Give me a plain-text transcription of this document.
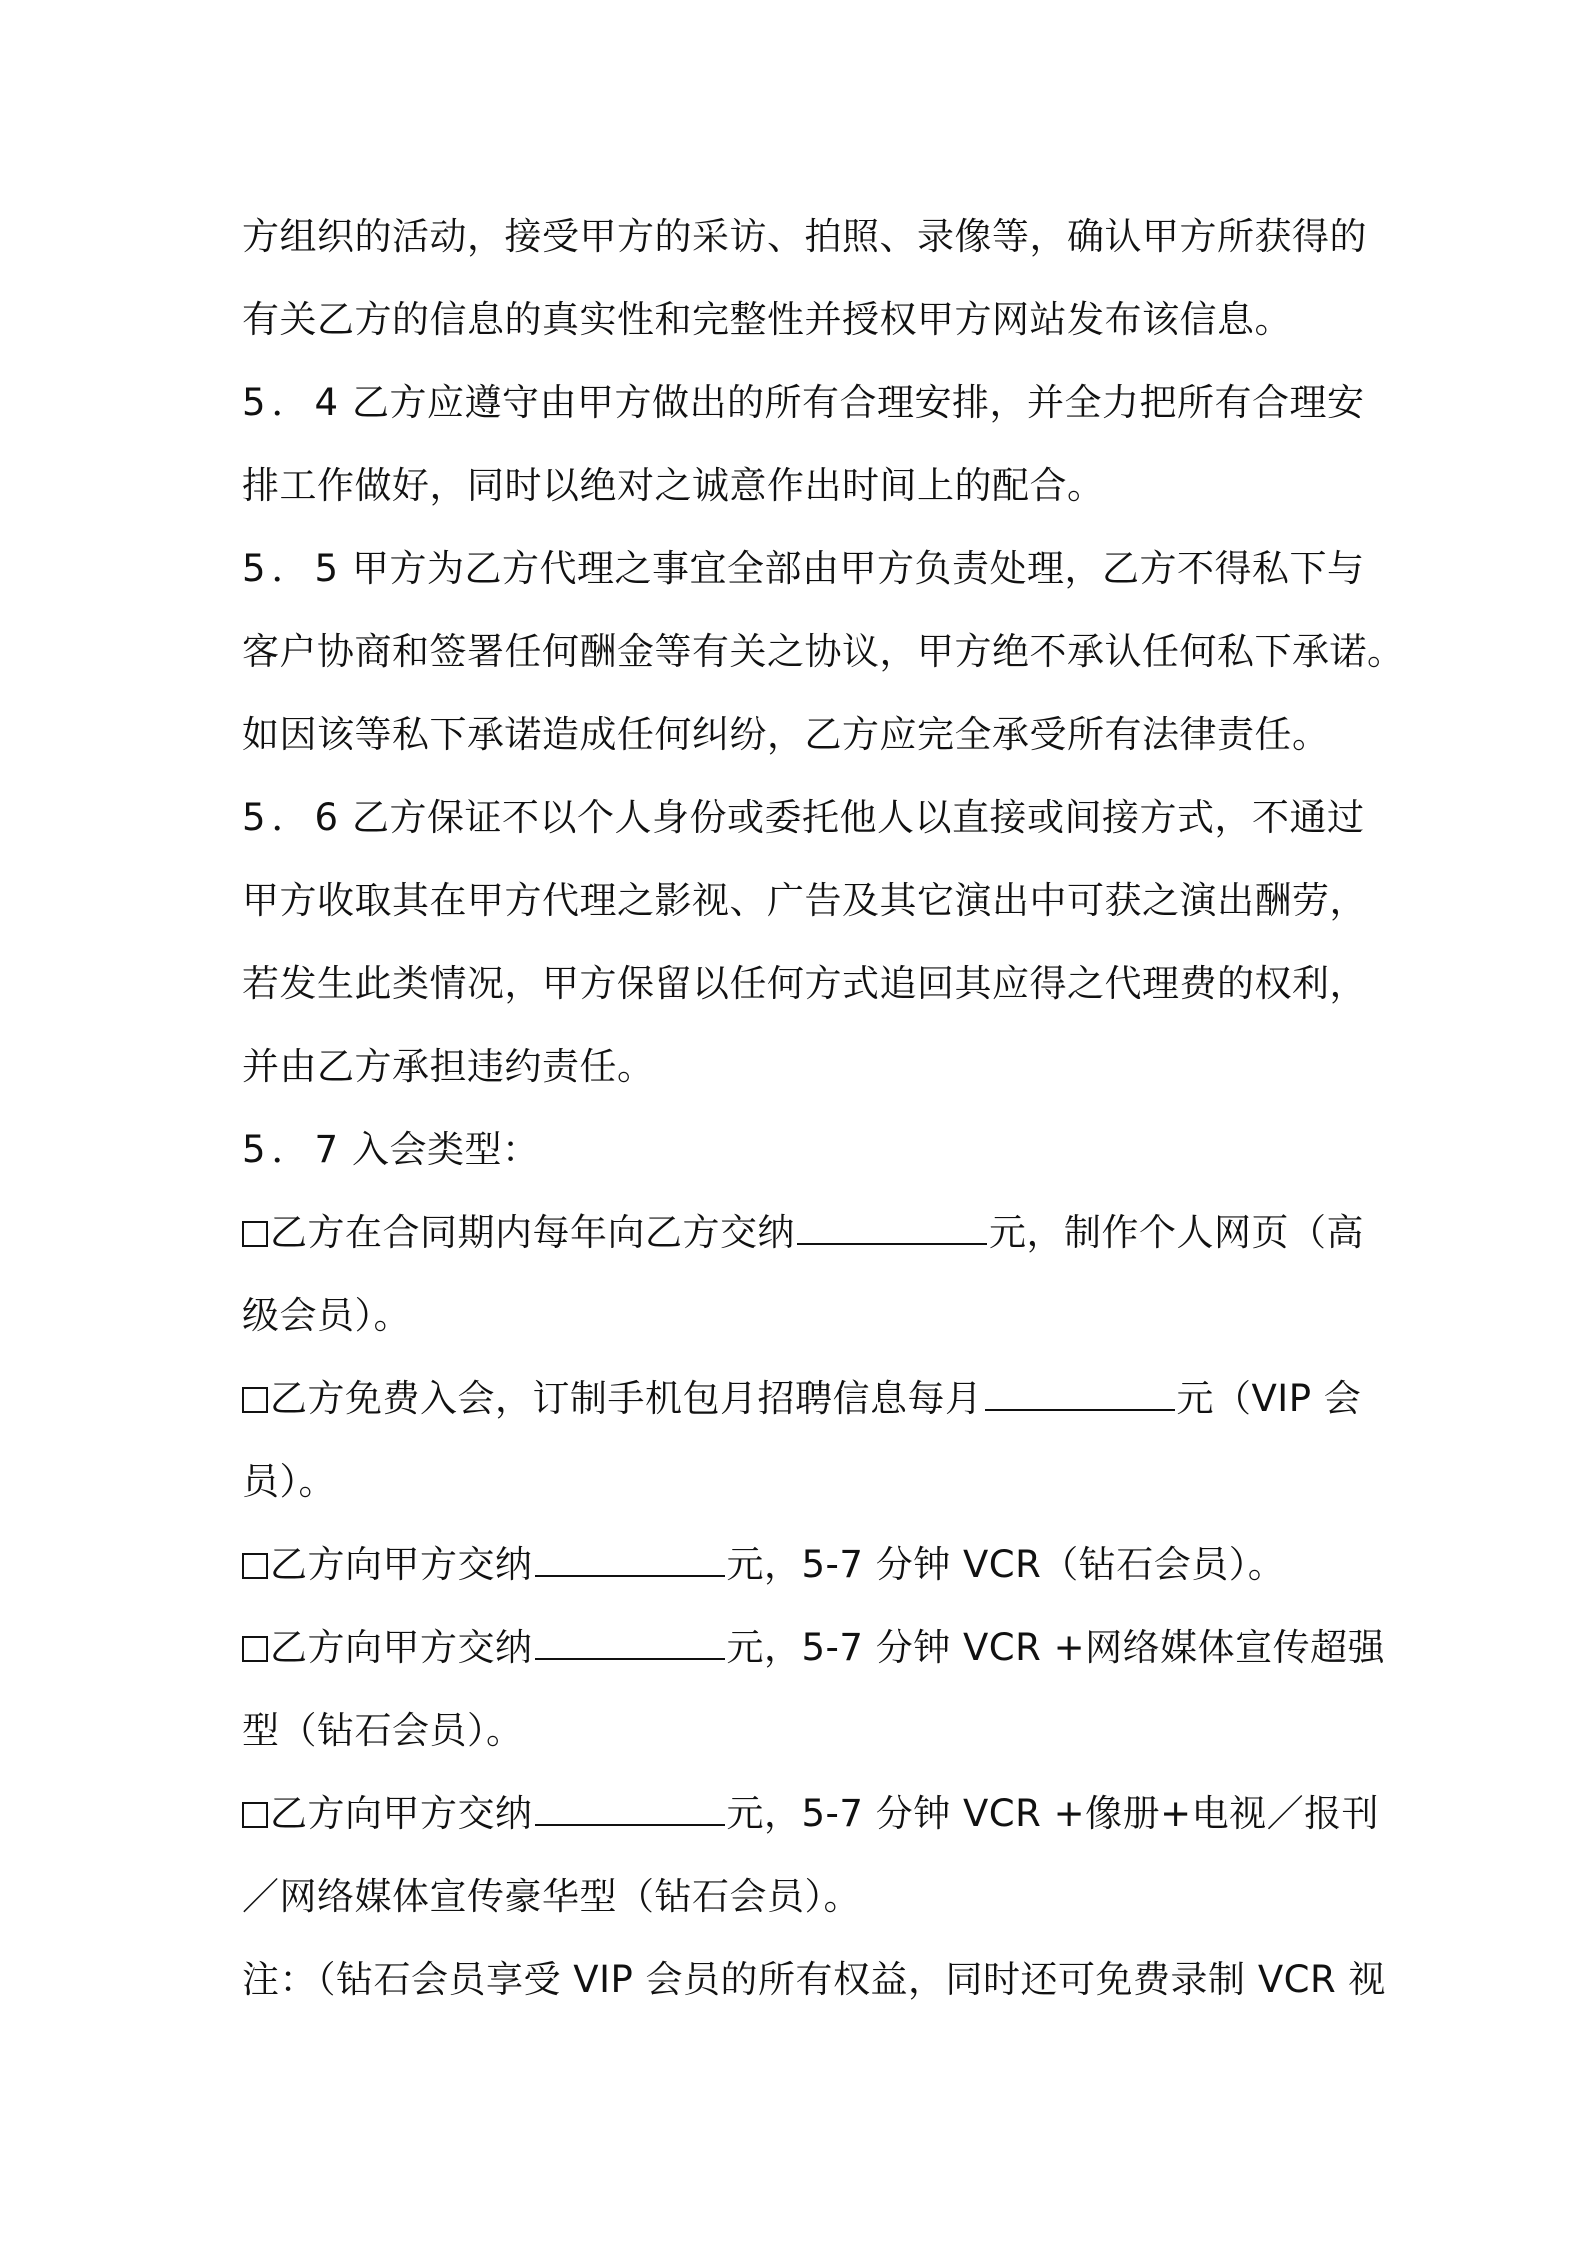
方组织的活动，接受甲方的采访、拍照、录像等，确认甲方所获得的
有关乙方的信息的真实性和完整性并授权甲方网站发布该信息。
5．4 乙方应遵守由甲方做出的所有合理安排，并全力把所有合理安
排工作做好，同时以绝对之诚意作出时间上的配合。
5．5 甲方为乙方代理之事宜全部由甲方负责处理，乙方不得私下与
客户协商和签署任何酬金等有关之协议，甲方绝不承认任何私下承诺。
如因该等私下承诺造成任何纠纷，乙方应完全承受所有法律责任。
5．6 乙方保证不以个人身份或委托他人以直接或间接方式，不通过
甲方收取其在甲方代理之影视、广告及其它演出中可获之演出酬劳，
若发生此类情况，甲方保留以任何方式追回其应得之代理费的权利，
并由乙方承担违约责任。
5．7 入会类型：
乙方在合同期内每年向乙方交纳	元，制作个人网页（高
级会员）。
乙方免费入会，订制手机包月招聘信息每月	元（VIP 会
员）。
乙方向甲方交纳	元，5-7 分钟 VCR（钻石会员）。
乙方向甲方交纳	元，5-7 分钟 VCR +网络媒体宣传超强
型（钻石会员）。
乙方向甲方交纳	元，5-7 分钟 VCR +像册+电视／报刊
／网络媒体宣传豪华型（钻石会员）。
注：（钻石会员享受 VIP 会员的所有权益，同时还可免费录制 VCR 视
